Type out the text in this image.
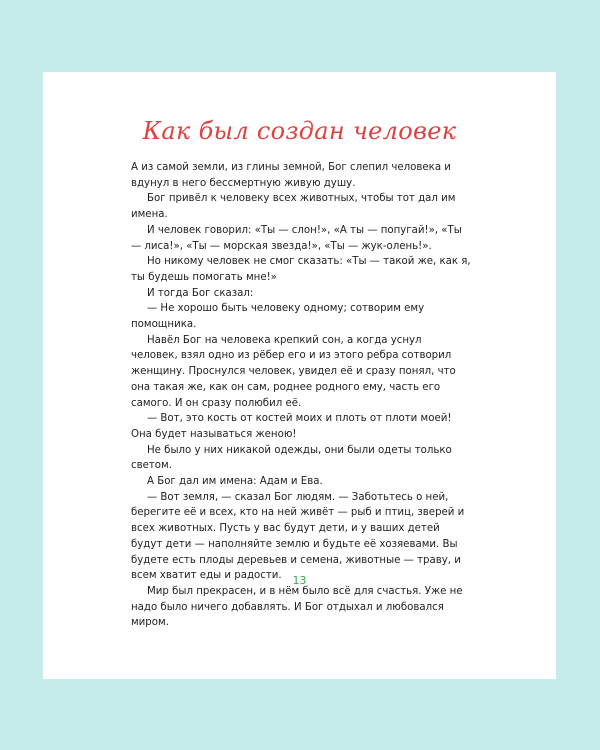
Как был создан человек

А из самой земли, из глины земной, Бог слепил человека и вдунул в него бессмертную живую душу.

Бог привёл к человеку всех животных, чтобы тот дал им имена.

И человек говорил: «Ты — слон!», «А ты — попугай!», «Ты — лиса!», «Ты — морская звезда!», «Ты — жук-олень!».

Но никому человек не смог сказать: «Ты — такой же, как я, ты будешь помогать мне!»

И тогда Бог сказал:

— Не хорошо быть человеку одному; сотворим ему помощника.

Навёл Бог на человека крепкий сон, а когда уснул человек, взял одно из рёбер его и из этого ребра сотворил женщину. Проснулся человек, увидел её и сразу понял, что она такая же, как он сам, роднее родного ему, часть его самого. И он сразу полюбил её.

— Вот, это кость от костей моих и плоть от плоти моей! Она будет называться женою!

Не было у них никакой одежды, они были одеты только светом.

А Бог дал им имена: Адам и Ева.

— Вот земля, — сказал Бог людям. — Заботьтесь о ней, берегите её и всех, кто на ней живёт — рыб и птиц, зверей и всех животных. Пусть у вас будут дети, и у ваших детей будут дети — наполняйте землю и будьте её хозяевами. Вы будете есть плоды деревьев и семена, животные — траву, и всем хватит еды и радости.

Мир был прекрасен, и в нём было всё для счастья. Уже не надо было ничего добавлять. И Бог отдыхал и любовался миром.

13
